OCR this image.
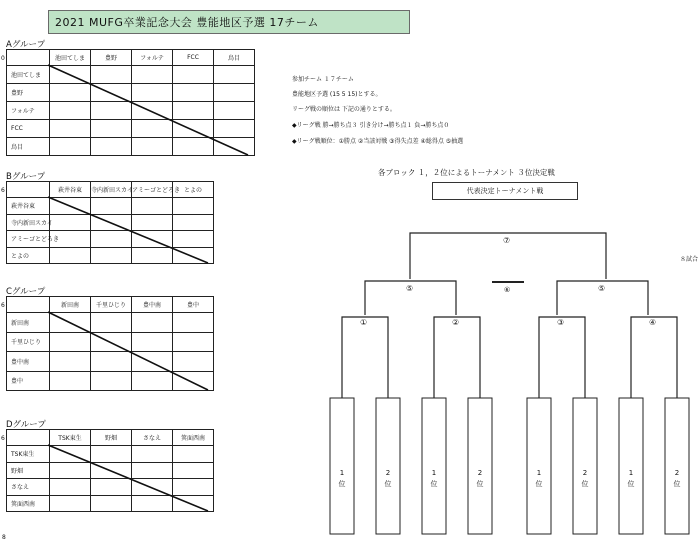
2021 MUFG卒業記念大会 豊能地区予選 17チーム
Aグループ
0
		池田てしま	豊野	フォルテ	FCC	鳥目
池田てしま					
豊野					
フォルテ					
FCC					
鳥目					
Bグループ
6
		萩井谷東	寺内新田スカイ	アミーゴとどろき	とよの
萩井谷東				
寺内新田スカイ				
アミーゴとどろき				
とよの				
Cグループ
6
		新田南	千里ひじり	豊中南	豊中
新田南				
千里ひじり				
豊中南				
豊中				
Dグループ
6
		TSK東生	野畑	さなえ	箕面西南
TSK東生				
野畑				
さなえ				
箕面西南				
参加チーム １７チーム
豊能地区予選 (15 5 15)とする。
リーグ戦の順位は 下記の通りとする。
◆リーグ戦 勝→勝ち点３ 引き分け→勝ち点１ 負→勝ち点０
◆リーグ戦順位：①勝点 ②当該対戦 ③得失点差 ④総得点 ⑤抽選
各ブロック １，２位によるトーナメント ３位決定戦
代表決定トーナメント戦
８試合
8
⑦
⑤	⑤
⑥
①	②	③	④
1
位
2
位
1
位
2
位
1
位
2
位
1
位
2
位
